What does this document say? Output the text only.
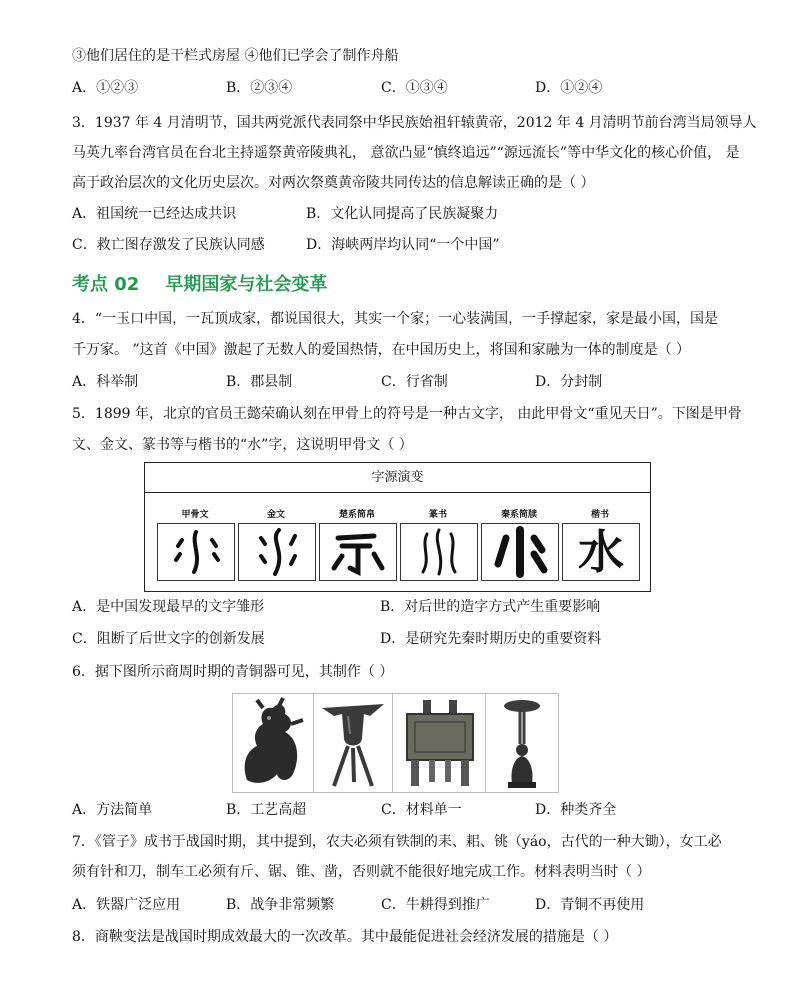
③他们居住的是干栏式房屋 ④他们已学会了制作舟船
A．①②③	B．②③④	C．①③④	D．①②④
3．1937 年 4 月清明节，国共两党派代表同祭中华民族始祖轩辕黄帝，2012 年 4 月清明节前台湾当局领导人
马英九率台湾官员在台北主持遥祭黄帝陵典礼， 意欲凸显“慎终追远”“源远流长”等中华文化的核心价值， 是
高于政治层次的文化历史层次。对两次祭奠黄帝陵共同传达的信息解读正确的是（ ）
A．祖国统一已经达成共识	B．文化认同提高了民族凝聚力
C．救亡图存激发了民族认同感	D．海峡两岸均认同“一个中国”
考点 02 早期国家与社会变革
4．“一玉口中国，一瓦顶成家，都说国很大，其实一个家；一心装满国，一手撑起家，家是最小国，国是
千万家。 ”这首《中国》激起了无数人的爱国热情，在中国历史上，将国和家融为一体的制度是（ ）
A．科举制	B．郡县制	C．行省制	D．分封制
5．1899 年，北京的官员王懿荣确认刻在甲骨上的符号是一种古文字， 由此甲骨文“重见天日”。下图是甲骨
文、金文、篆书等与楷书的“水”字，这说明甲骨文（ ）
字源演变
甲骨文	金文	楚系简帛	篆书	秦系简牍	楷书
水
A．是中国发现最早的文字雏形	B．对后世的造字方式产生重要影响
C．阻断了后世文字的创新发展	D．是研究先秦时期历史的重要资料
6．据下图所示商周时期的青铜器可见，其制作（ ）
A．方法简单	B．工艺高超	C．材料单一	D．种类齐全
7．《管子》成书于战国时期，其中提到，农夫必须有铁制的耒、耜、铫（yáo，古代的一种大锄），女工必
须有针和刀，制车工必须有斤、锯、锥、凿，否则就不能很好地完成工作。材料表明当时（ ）
A．铁器广泛应用	B．战争非常频繁	C．牛耕得到推广	D．青铜不再使用
8．商鞅变法是战国时期成效最大的一次改革。其中最能促进社会经济发展的措施是（ ）
